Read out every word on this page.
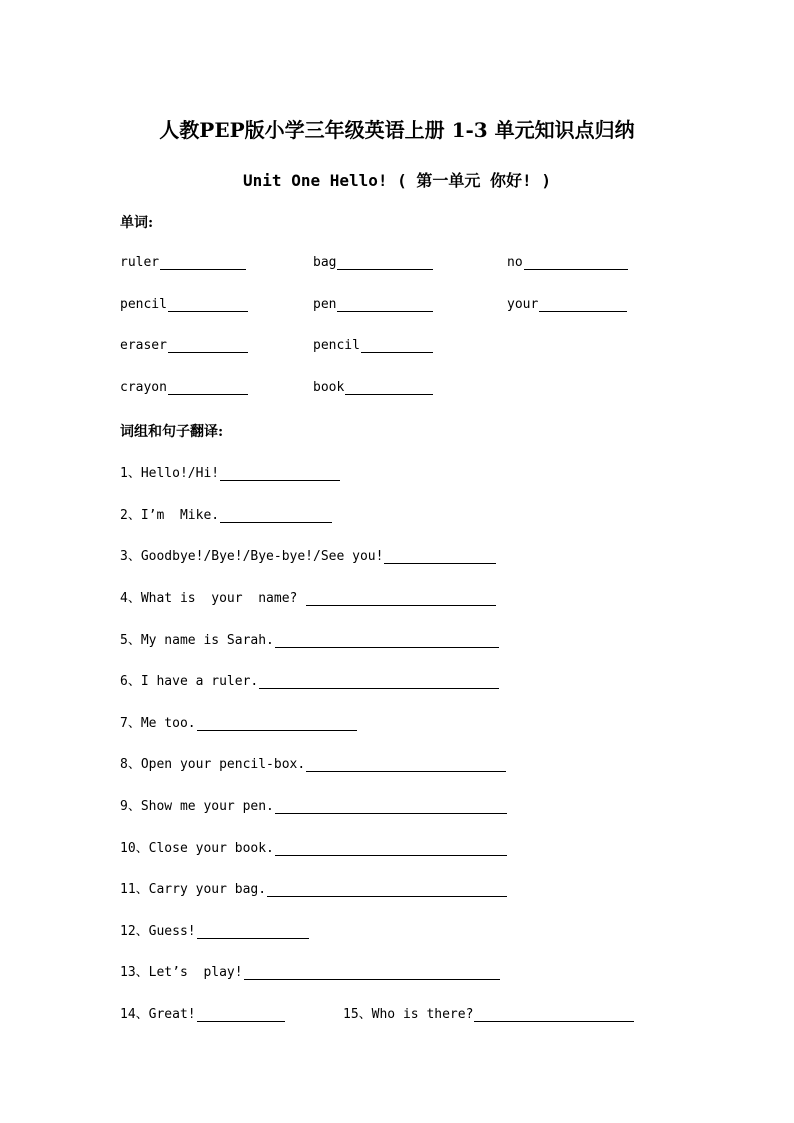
人教PEP版小学三年级英语上册 1-3 单元知识点归纳
Unit One Hello! ( 第一单元 你好! )
单词:
ruler	bag	no
pencil	pen	your
eraser	pencil
crayon	book
词组和句子翻译:
1、Hello!/Hi!
2、I’m  Mike.
3、Goodbye!/Bye!/Bye-bye!/See you!
4、What is  your  name?
5、My name is Sarah.
6、I have a ruler.
7、Me too.
8、Open your pencil-box.
9、Show me your pen.
10、Close your book.
11、Carry your bag.
12、Guess!
13、Let’s  play!
14、Great!	15、Who is there?
